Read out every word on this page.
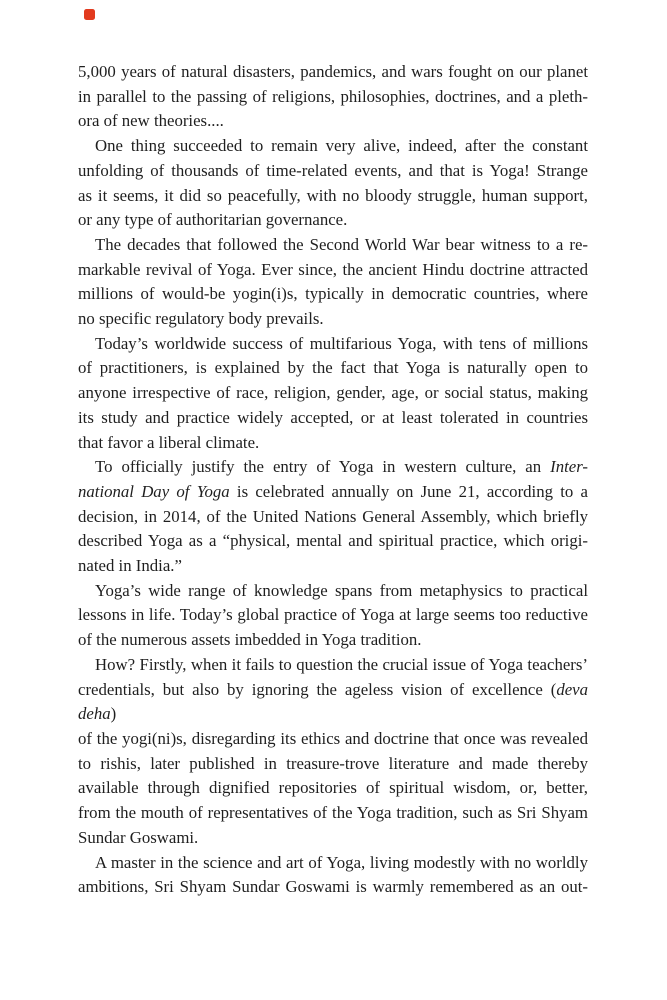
5,000 years of natural disasters, pandemics, and wars fought on our planet
in parallel to the passing of religions, philosophies, doctrines, and a pleth-
ora of new theories....
One thing succeeded to remain very alive, indeed, after the constant
unfolding of thousands of time-related events, and that is Yoga! Strange
as it seems, it did so peacefully, with no bloody struggle, human support,
or any type of authoritarian governance.
The decades that followed the Second World War bear witness to a re-
markable revival of Yoga. Ever since, the ancient Hindu doctrine attracted
millions of would-be yogin(i)s, typically in democratic countries, where
no specific regulatory body prevails.
Today’s worldwide success of multifarious Yoga, with tens of millions
of practitioners, is explained by the fact that Yoga is naturally open to
anyone irrespective of race, religion, gender, age, or social status, making
its study and practice widely accepted, or at least tolerated in countries
that favor a liberal climate.
To officially justify the entry of Yoga in western culture, an Inter-
national Day of Yoga is celebrated annually on June 21, according to a
decision, in 2014, of the United Nations General Assembly, which briefly
described Yoga as a “physical, mental and spiritual practice, which origi-
nated in India.”
Yoga’s wide range of knowledge spans from metaphysics to practical
lessons in life. Today’s global practice of Yoga at large seems too reductive
of the numerous assets imbedded in Yoga tradition.
How? Firstly, when it fails to question the crucial issue of Yoga teachers’
credentials, but also by ignoring the ageless vision of excellence (deva deha)
of the yogi(ni)s, disregarding its ethics and doctrine that once was revealed
to rishis, later published in treasure-trove literature and made thereby
available through dignified repositories of spiritual wisdom, or, better,
from the mouth of representatives of the Yoga tradition, such as Sri Shyam
Sundar Goswami.
A master in the science and art of Yoga, living modestly with no worldly
ambitions, Sri Shyam Sundar Goswami is warmly remembered as an out-
